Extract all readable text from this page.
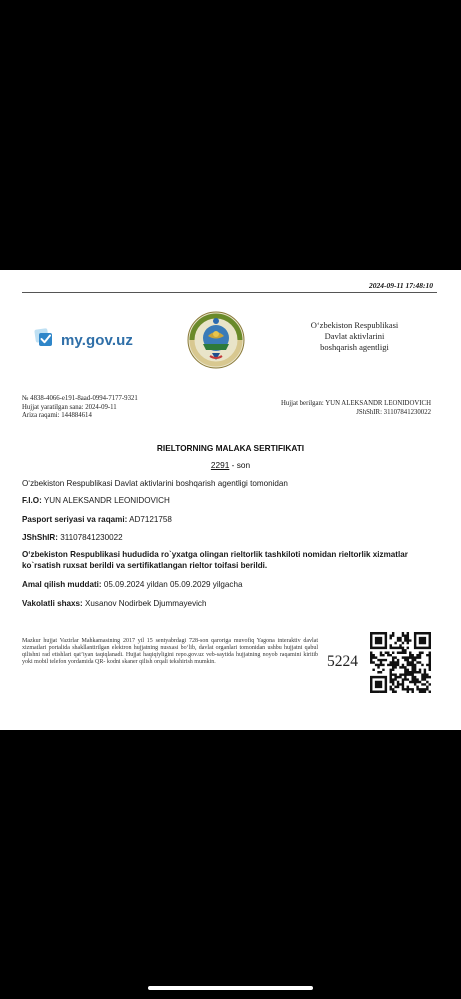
2024-09-11 17:48:10
my.gov.uz
O‘zbekiston Respublikasi
Davlat aktivlarini
boshqarish agentligi
№ 4838-4066-e191-8aad-0994-7177-9321
Hujjat yaratilgan sana: 2024-09-11
Ariza raqami: 144884614
Hujjat berilgan: YUN ALEKSANDR LEONIDOVICH
JShShIR: 31107841230022
RIELTORNING MALAKA SERTIFIKATI
2291 - son
O‘zbekiston Respublikasi Davlat aktivlarini boshqarish agentligi tomonidan
F.I.O: YUN ALEKSANDR LEONIDOVICH
Pasport seriyasi va raqami: AD7121758
JShShIR: 31107841230022
O‘zbekiston Respublikasi hududida ro`yxatga olingan rieltorlik tashkiloti nomidan rieltorlik xizmatlar ko`rsatish ruxsat berildi va sertifikatlangan rieltor toifasi berildi.
Amal qilish muddati: 05.09.2024 yildan 05.09.2029 yilgacha
Vakolatli shaxs: Xusanov Nodirbek Djummayevich
Mazkur hujjat Vazirlar Mahkamasining 2017 yil 15 sentyabrdagi 728-son qaroriga muvofiq Yagona interaktiv davlat xizmatlari portalida shakllantirilgan elektron hujjatning nusxasi bo‘lib, davlat organlari tomonidan ushbu hujjatni qabul qilishni rad etishlari qat’iyan taqiqlanadi. Hujjat haqiqiyligini repo.gov.uz veb-saytida hujjatning noyob raqamini kiritib yoki mobil telefon yordamida QR- kodni skaner qilish orqali tekshirish mumkin.	5224
